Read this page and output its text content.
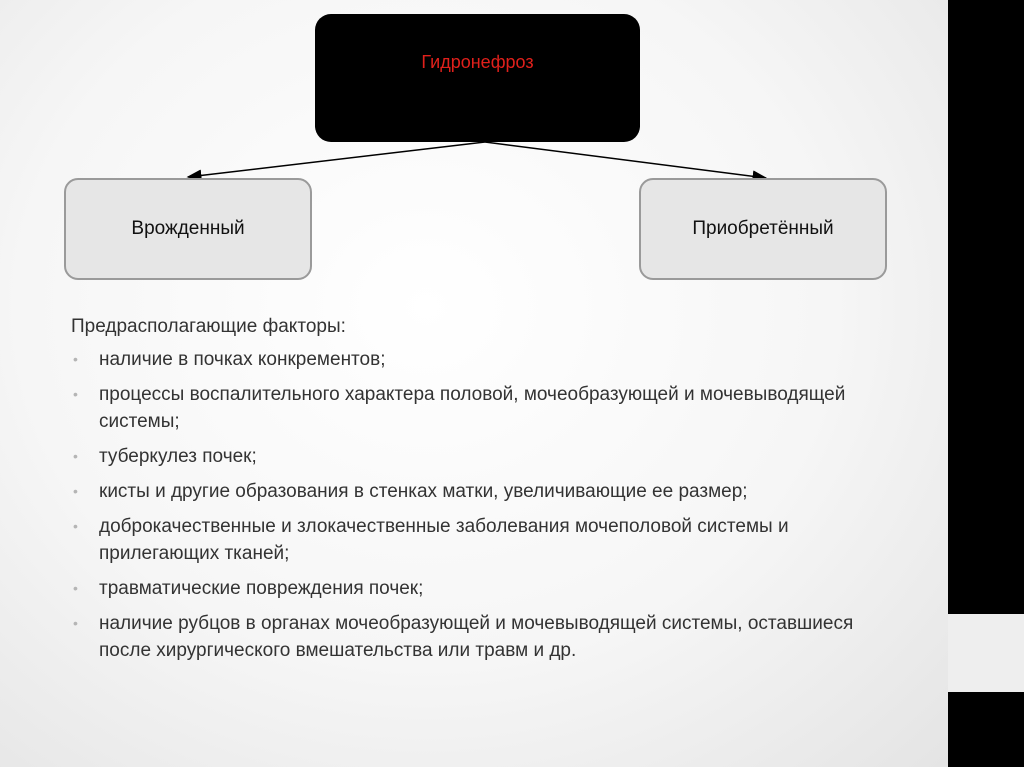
Гидронефроз
Врожденный	Приобретённый
Предрасполагающие факторы:
• наличие в почках конкрементов;
• процессы воспалительного характера половой, мочеобразующей и мочевыводящей системы;
• туберкулез почек;
• кисты и другие образования в стенках матки, увеличивающие ее размер;
• доброкачественные и злокачественные заболевания мочеполовой системы и прилегающих тканей;
• травматические повреждения почек;
• наличие рубцов в органах мочеобразующей и мочевыводящей системы, оставшиеся после хирургического вмешательства или травм и др.
